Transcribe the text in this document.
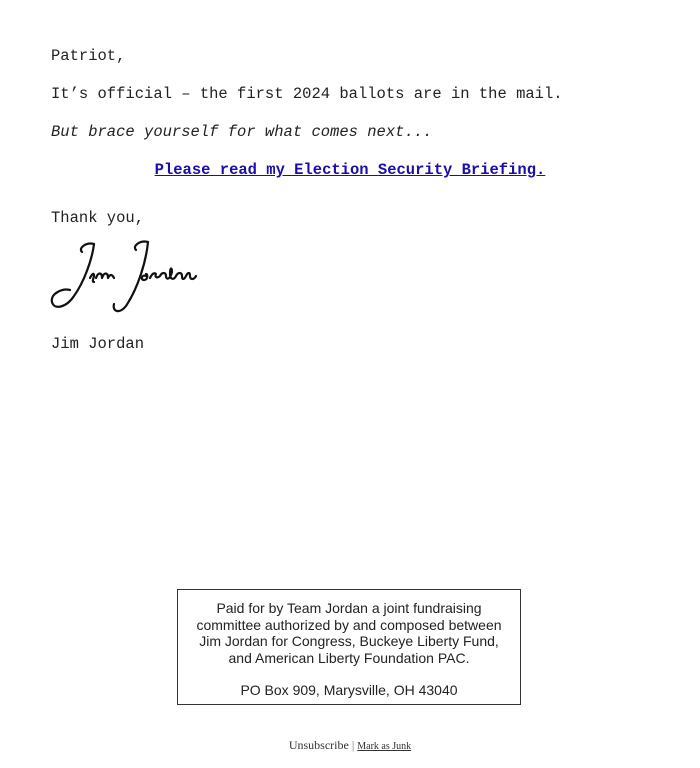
Patriot,

It’s official – the first 2024 ballots are in the mail.

But brace yourself for what comes next...

Please read my Election Security Briefing.

Thank you,

Jim Jordan

Paid for by Team Jordan a joint fundraising committee authorized by and composed between Jim Jordan for Congress, Buckeye Liberty Fund, and American Liberty Foundation PAC.

PO Box 909, Marysville, OH 43040

Unsubscribe | Mark as Junk
